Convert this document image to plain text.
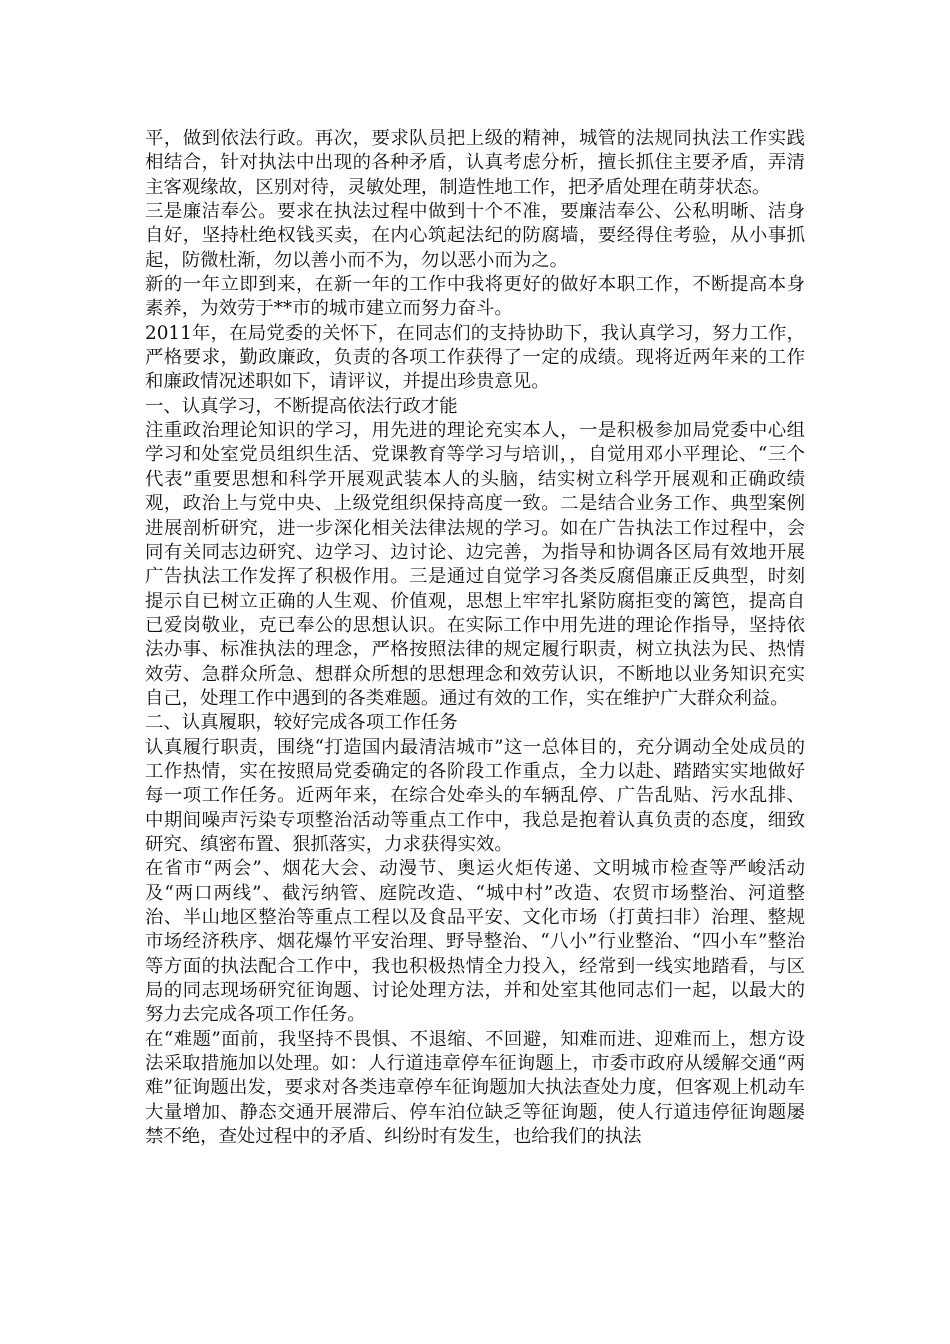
平，做到依法行政。再次，要求队员把上级的精神，城管的法规同执法工作实践相结合，针对执法中出现的各种矛盾，认真考虑分析，擅长抓住主要矛盾，弄清主客观缘故，区别对待，灵敏处理，制造性地工作，把矛盾处理在萌芽状态。

三是廉洁奉公。要求在执法过程中做到十个不准，要廉洁奉公、公私明晰、洁身自好，坚持杜绝权钱买卖，在内心筑起法纪的防腐墙，要经得住考验，从小事抓起，防微杜渐，勿以善小而不为，勿以恶小而为之。

新的一年立即到来，在新一年的工作中我将更好的做好本职工作，不断提高本身素养，为效劳于**市的城市建立而努力奋斗。

2011年，在局党委的关怀下，在同志们的支持协助下，我认真学习，努力工作，严格要求，勤政廉政，负责的各项工作获得了一定的成绩。现将近两年来的工作和廉政情况述职如下，请评议，并提出珍贵意见。

一、认真学习，不断提高依法行政才能

注重政治理论知识的学习，用先进的理论充实本人，一是积极参加局党委中心组学习和处室党员组织生活、党课教育等学习与培训，，自觉用邓小平理论、“三个代表”重要思想和科学开展观武装本人的头脑，结实树立科学开展观和正确政绩观，政治上与党中央、上级党组织保持高度一致。二是结合业务工作、典型案例进展剖析研究，进一步深化相关法律法规的学习。如在广告执法工作过程中，会同有关同志边研究、边学习、边讨论、边完善，为指导和协调各区局有效地开展广告执法工作发挥了积极作用。三是通过自觉学习各类反腐倡廉正反典型，时刻提示自已树立正确的人生观、价值观，思想上牢牢扎紧防腐拒变的篱笆，提高自已爱岗敬业，克已奉公的思想认识。在实际工作中用先进的理论作指导，坚持依法办事、标准执法的理念，严格按照法律的规定履行职责，树立执法为民、热情效劳、急群众所急、想群众所想的思想理念和效劳认识，不断地以业务知识充实自己，处理工作中遇到的各类难题。通过有效的工作，实在维护广大群众利益。

二、认真履职，较好完成各项工作任务

认真履行职责，围绕“打造国内最清洁城市”这一总体目的，充分调动全处成员的工作热情，实在按照局党委确定的各阶段工作重点，全力以赴、踏踏实实地做好每一项工作任务。近两年来，在综合处牵头的车辆乱停、广告乱贴、污水乱排、中期间噪声污染专项整治活动等重点工作中，我总是抱着认真负责的态度，细致研究、缜密布置、狠抓落实，力求获得实效。

在省市“两会”、烟花大会、动漫节、奥运火炬传递、文明城市检查等严峻活动及“两口两线”、截污纳管、庭院改造、“城中村”改造、农贸市场整治、河道整治、半山地区整治等重点工程以及食品平安、文化市场（打黄扫非）治理、整规市场经济秩序、烟花爆竹平安治理、野导整治、“八小”行业整治、“四小车”整治等方面的执法配合工作中，我也积极热情全力投入，经常到一线实地踏看，与区局的同志现场研究征询题、讨论处理方法，并和处室其他同志们一起，以最大的努力去完成各项工作任务。

在“难题”面前，我坚持不畏惧、不退缩、不回避，知难而进、迎难而上，想方设法采取措施加以处理。如：人行道违章停车征询题上，市委市政府从缓解交通“两难”征询题出发，要求对各类违章停车征询题加大执法查处力度，但客观上机动车大量增加、静态交通开展滞后、停车泊位缺乏等征询题，使人行道违停征询题屡禁不绝，查处过程中的矛盾、纠纷时有发生，也给我们的执法
